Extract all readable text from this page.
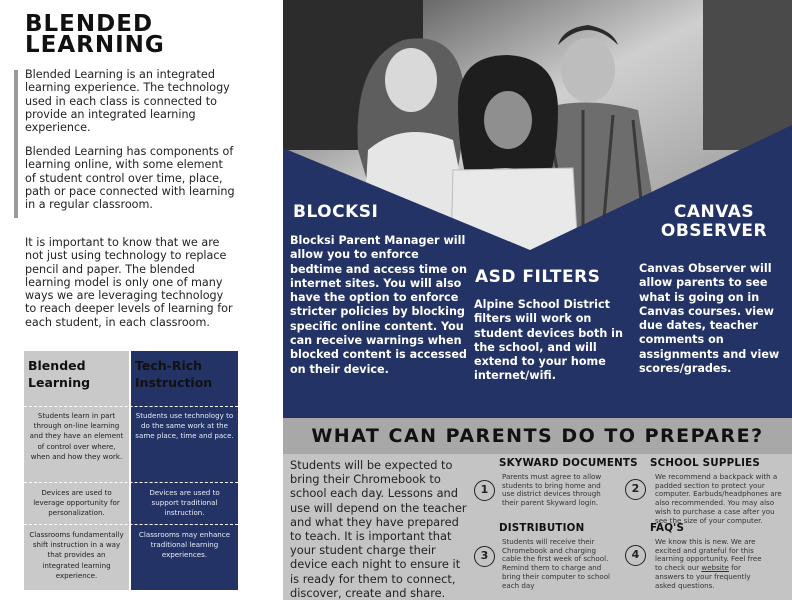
BLENDED LEARNING

Blended Learning is an integrated learning experience. The technology used in each class is connected to provide an integrated learning experience.

Blended Learning has components of learning online, with some element of student control over time, place, path or pace connected with learning in a regular classroom.

It is important to know that we are not just using technology to replace pencil and paper. The blended learning model is only one of many ways we are leveraging technology to reach deeper levels of learning for each student, in each classroom.

Blended Learning
Students learn in part through on-line learning and they have an element of control over where, when and how they work.
Devices are used to leverage opportunity for personalization.
Classrooms fundamentally shift instruction in a way that provides an integrated learning experience.
Tech-Rich Instruction
Students use technology to do the same work at the same place, time and pace.
Devices are used to support traditional instruction.
Classrooms may enhance traditional learning experiences.
BLOCKSI

Blocksi Parent Manager will allow you to enforce bedtime and access time on internet sites. You will also have the option to enforce stricter policies by blocking specific online content. You can receive warnings when blocked content is accessed on their device.

ASD FILTERS

Alpine School District filters will work on student devices both in the school, and will extend to your home internet/wifi.

CANVAS
OBSERVER

Canvas Observer will allow parents to see what is going on in Canvas courses. view due dates, teacher comments on assignments and view scores/grades.

WHAT CAN PARENTS DO TO PREPARE?

Students will be expected to bring their Chromebook to school each day. Lessons and use will depend on the teacher and what they have prepared to teach. It is important that your student charge their device each night to ensure it is ready for them to connect, discover, create and share.

1
SKYWARD DOCUMENTS

Parents must agree to allow students to bring home and use district devices through their parent Skyward login.

2
SCHOOL SUPPLIES

We recommend a backpack with a padded section to protect your computer. Earbuds/headphones are also recommended. You may also wish to purchase a case after you see the size of your computer.

3
DISTRIBUTION

Students will receive their Chromebook and charging cable the first week of school. Remind them to charge and bring their computer to school each day

4
FAQ'S

We know this is new. We are excited and grateful for this learning opportunity. Feel free to check our website for answers to your frequently asked questions.
